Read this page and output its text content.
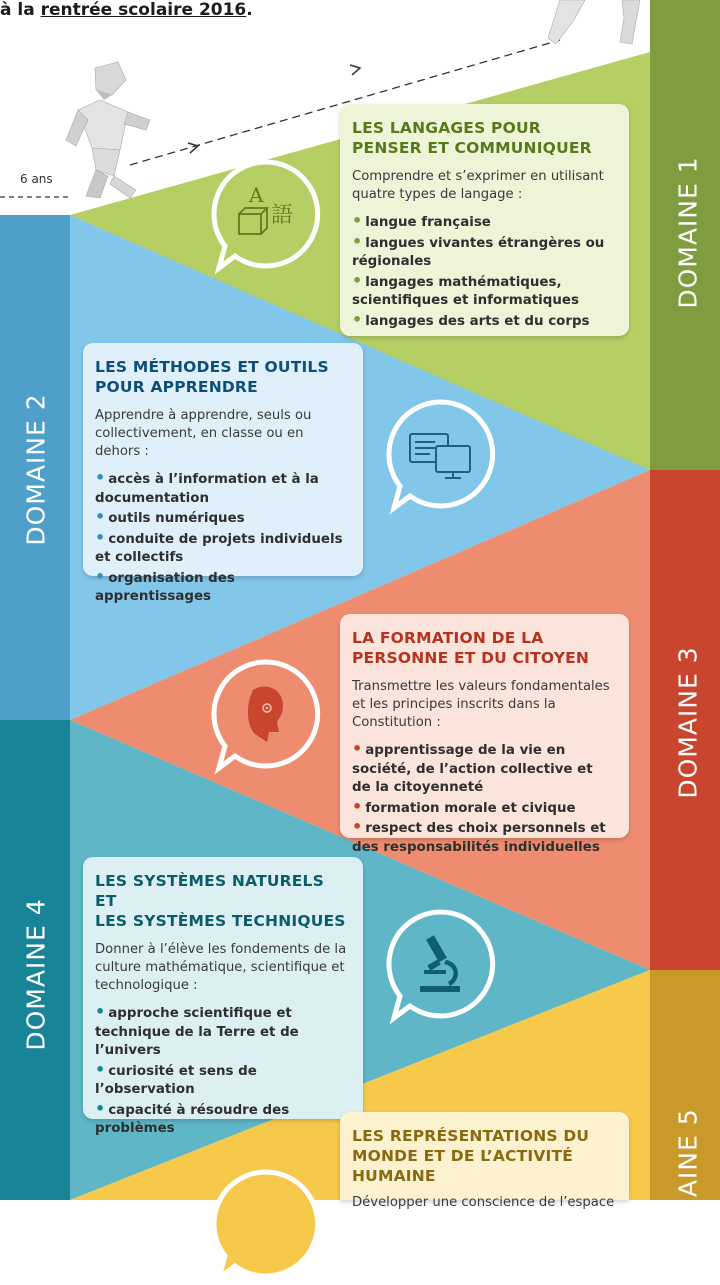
à la rentrée scolaire 2016.
6 ans	DOMAINE 1
DOMAINE 2
DOMAINE 3
DOMAINE 4
DOMAINE 5
A
語
LES LANGAGES POUR
PENSER ET COMMUNIQUER

Comprendre et s’exprimer en utilisant quatre types de langage :

• langue française
• langues vivantes étrangères ou régionales
• langages mathématiques, scientifiques et informatiques
• langages des arts et du corps
LES MÉTHODES ET OUTILS
POUR APPRENDRE

Apprendre à apprendre, seuls ou collectivement, en classe ou en dehors :

• accès à l’information et à la documentation
• outils numériques
• conduite de projets individuels et collectifs
• organisation des apprentissages
LA FORMATION DE LA
PERSONNE ET DU CITOYEN

Transmettre les valeurs fondamentales et les principes inscrits dans la Constitution :

• apprentissage de la vie en société, de l’action collective et de la citoyenneté
• formation morale et civique
• respect des choix personnels et des responsabilités individuelles
LES SYSTÈMES NATURELS ET
LES SYSTÈMES TECHNIQUES

Donner à l’élève les fondements de la culture mathématique, scientifique et technologique :

• approche scientifique et technique de la Terre et de l’univers
• curiosité et sens de l’observation
• capacité à résoudre des problèmes	LES REPRÉSENTATIONS DU
MONDE ET DE L’ACTIVITÉ
HUMAINE

Développer une conscience de l’espace
